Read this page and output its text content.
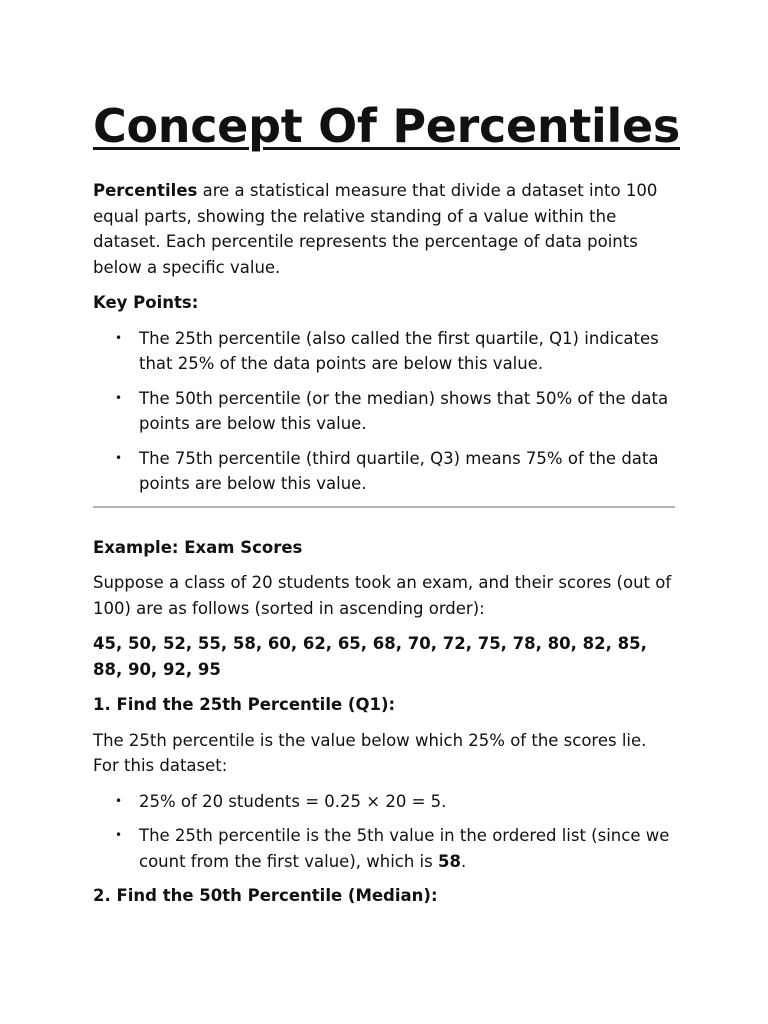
Concept Of Percentiles

Percentiles are a statistical measure that divide a dataset into 100 equal parts, showing the relative standing of a value within the dataset. Each percentile represents the percentage of data points below a specific value.

Key Points:

• The 25th percentile (also called the first quartile, Q1) indicates that 25% of the data points are below this value.
• The 50th percentile (or the median) shows that 50% of the data points are below this value.
• The 75th percentile (third quartile, Q3) means 75% of the data points are below this value.

Example: Exam Scores

Suppose a class of 20 students took an exam, and their scores (out of 100) are as follows (sorted in ascending order):

45, 50, 52, 55, 58, 60, 62, 65, 68, 70, 72, 75, 78, 80, 82, 85, 88, 90, 92, 95

1. Find the 25th Percentile (Q1):

The 25th percentile is the value below which 25% of the scores lie. For this dataset:

• 25% of 20 students = 0.25 × 20 = 5.
• The 25th percentile is the 5th value in the ordered list (since we count from the first value), which is 58.

2. Find the 50th Percentile (Median):
